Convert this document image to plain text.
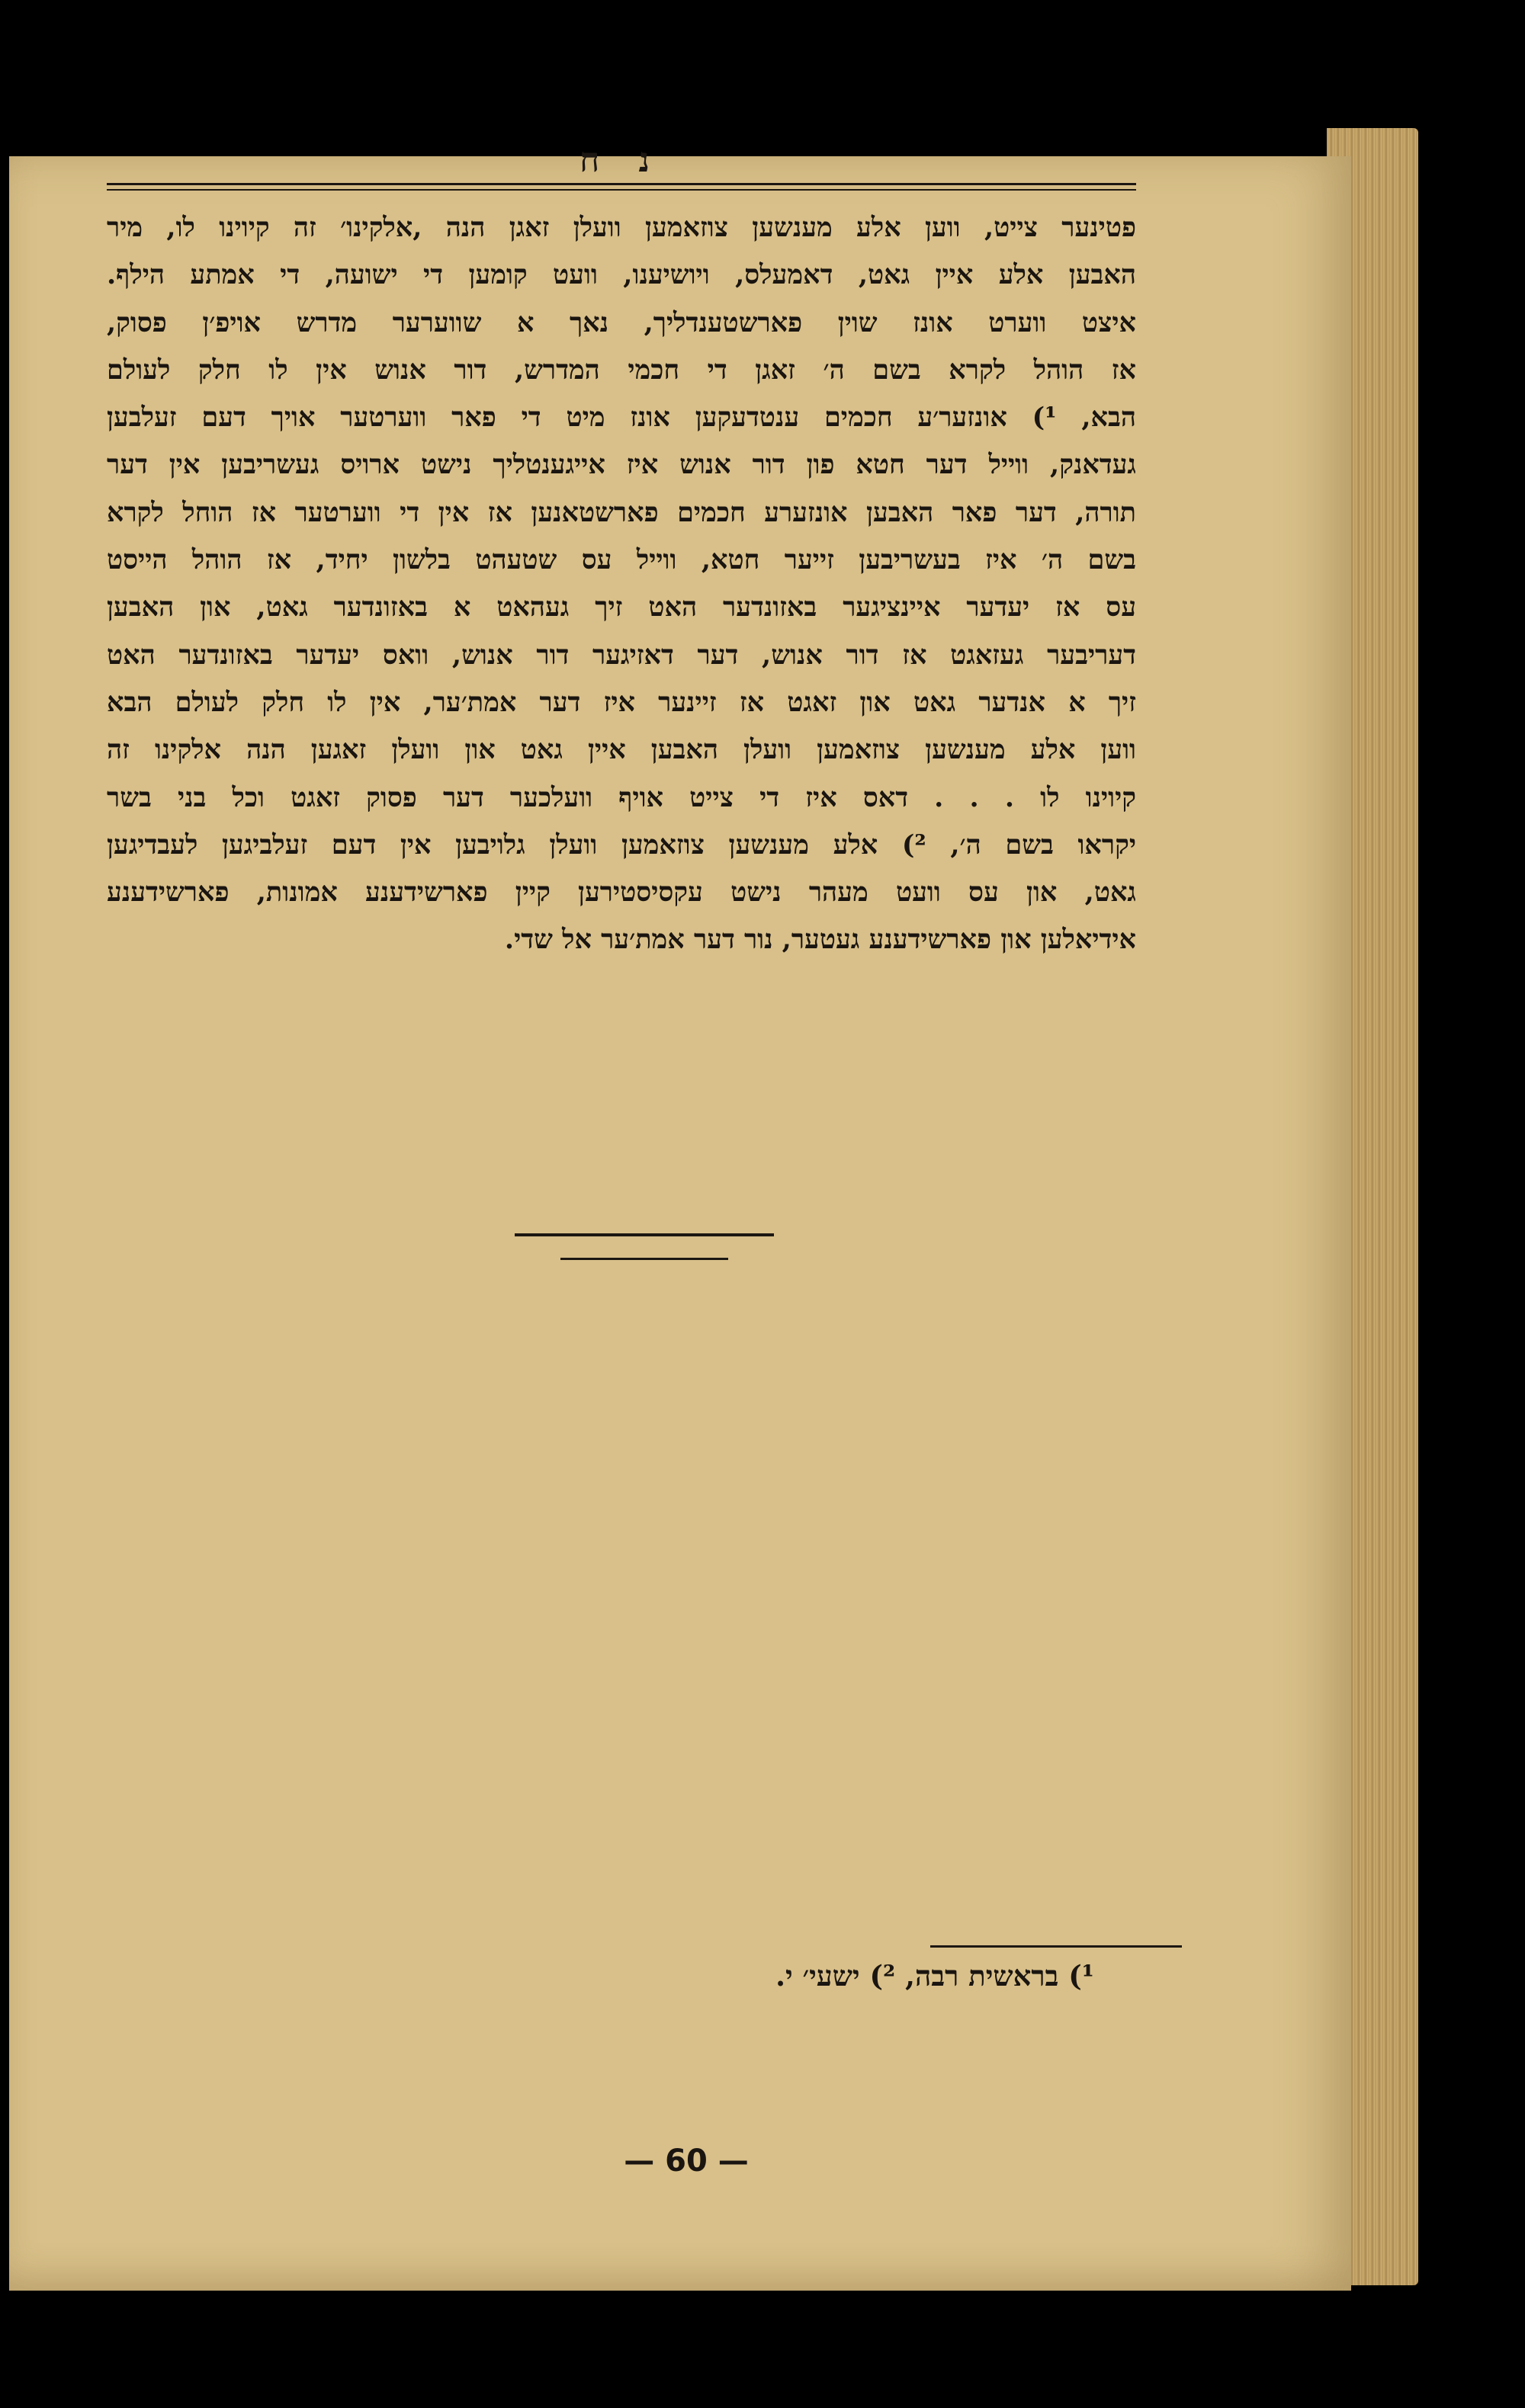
נ ח
פטינער צייט, ווען אלע מענשען צוזאמען וועלן זאגן הנה ,אלקינו׳ זה קיוינו לו, מיר
האבען אלע איין גאט, דאמעלס, ויושיענו, וועט קומען די ישועה, די אמתע הילף.
איצט ווערט אונז שוין פארשטענדליך, נאך א שווערער מדרש אויפ׳ן פסוק,
אז הוהל לקרא בשם ה׳ זאגן די חכמי המדרש, דור אנוש אין לו חלק לעולם
הבא, ¹) אונזער׳ע חכמים ענטדעקען אונז מיט די פאר ווערטער אויך דעם זעלבען
געדאנק, ווייל דער חטא פון דור אנוש איז אייגענטליך נישט ארויס געשריבען אין דער
תורה, דער פאר האבען אונזערע חכמים פארשטאנען אז אין די ווערטער אז הוחל לקרא
בשם ה׳ איז בעשריבען זייער חטא, ווייל עס שטעהט בלשון יחיד, אז הוהל הייסט
עס אז יעדער איינציגער באזונדער האט זיך געהאט א באזונדער גאט, און האבען
דעריבער געזאגט אז דור אנוש, דער דאזיגער דור אנוש, וואס יעדער באזונדער האט
זיך א אנדער גאט און זאגט אז זיינער איז דער אמת׳ער, אין לו חלק לעולם הבא
ווען אלע מענשען צוזאמען וועלן האבען איין גאט און וועלן זאגען הנה אלקינו זה
קיוינו לו . . . דאס איז די צייט אויף וועלכער דער פסוק זאגט וכל בני בשר
יקראו בשם ה׳, ²) אלע מענשען צוזאמען וועלן גלויבען אין דעם זעלביגען לעבדיגען
גאט, און עס וועט מעהר נישט עקסיסטירען קיין פארשידענע אמונות, פארשידענע
אידיאלען און פארשידענע געטער, נור דער אמת׳ער אל שדי.
¹) בראשית רבה, ²) ישעי׳ י.
— 60 —
